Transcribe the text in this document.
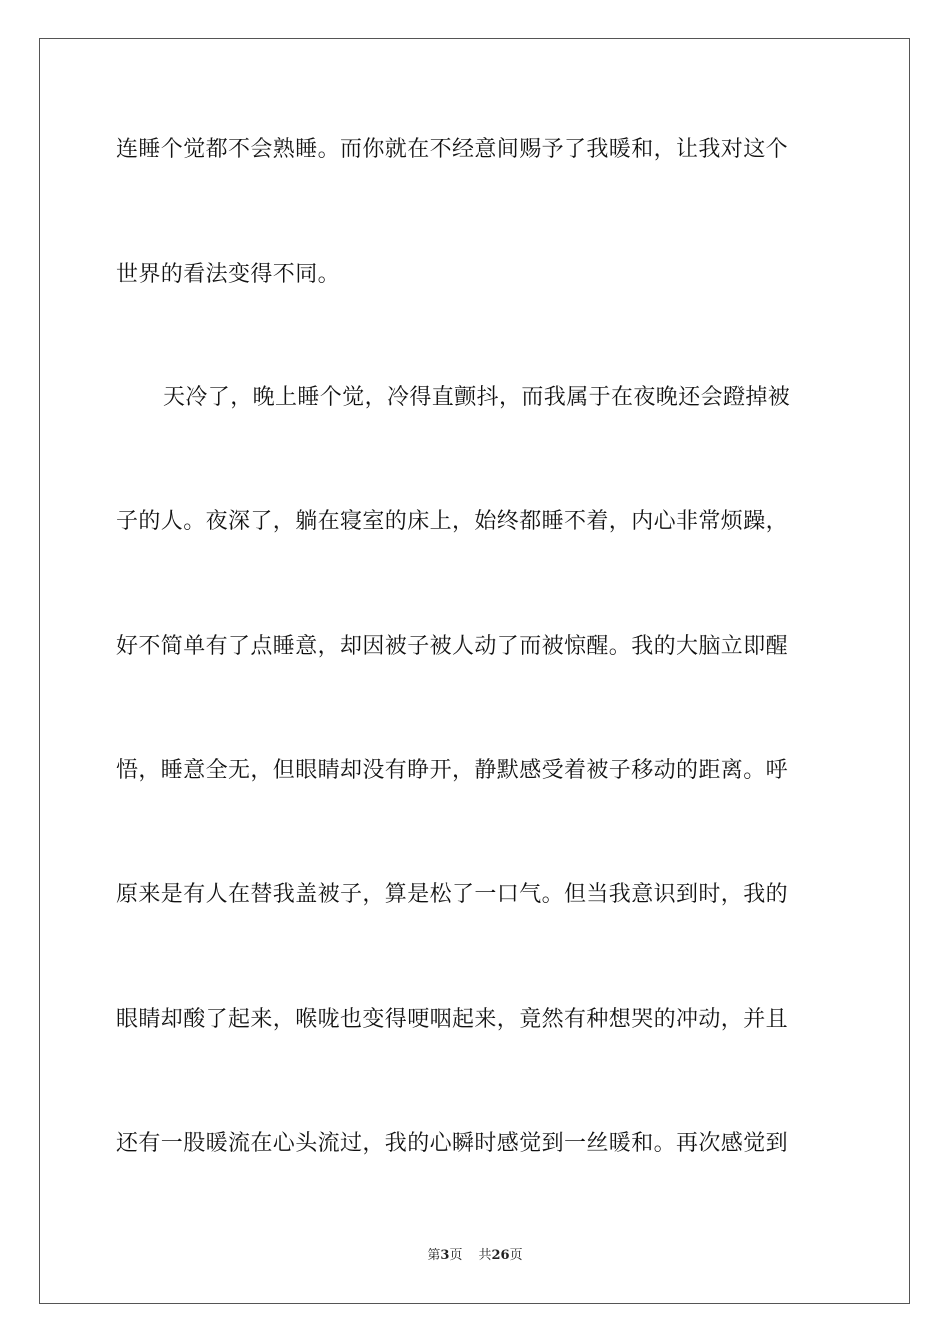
连睡个觉都不会熟睡。而你就在不经意间赐予了我暖和，让我对这个
世界的看法变得不同。
天冷了，晚上睡个觉，冷得直颤抖，而我属于在夜晚还会蹬掉被
子的人。夜深了，躺在寝室的床上，始终都睡不着，内心非常烦躁，
好不简单有了点睡意，却因被子被人动了而被惊醒。我的大脑立即醒
悟，睡意全无，但眼睛却没有睁开，静默感受着被子移动的距离。呼
原来是有人在替我盖被子，算是松了一口气。但当我意识到时，我的
眼睛却酸了起来，喉咙也变得哽咽起来，竟然有种想哭的冲动，并且
还有一股暖流在心头流过，我的心瞬时感觉到一丝暖和。再次感觉到
第3页 共26页
